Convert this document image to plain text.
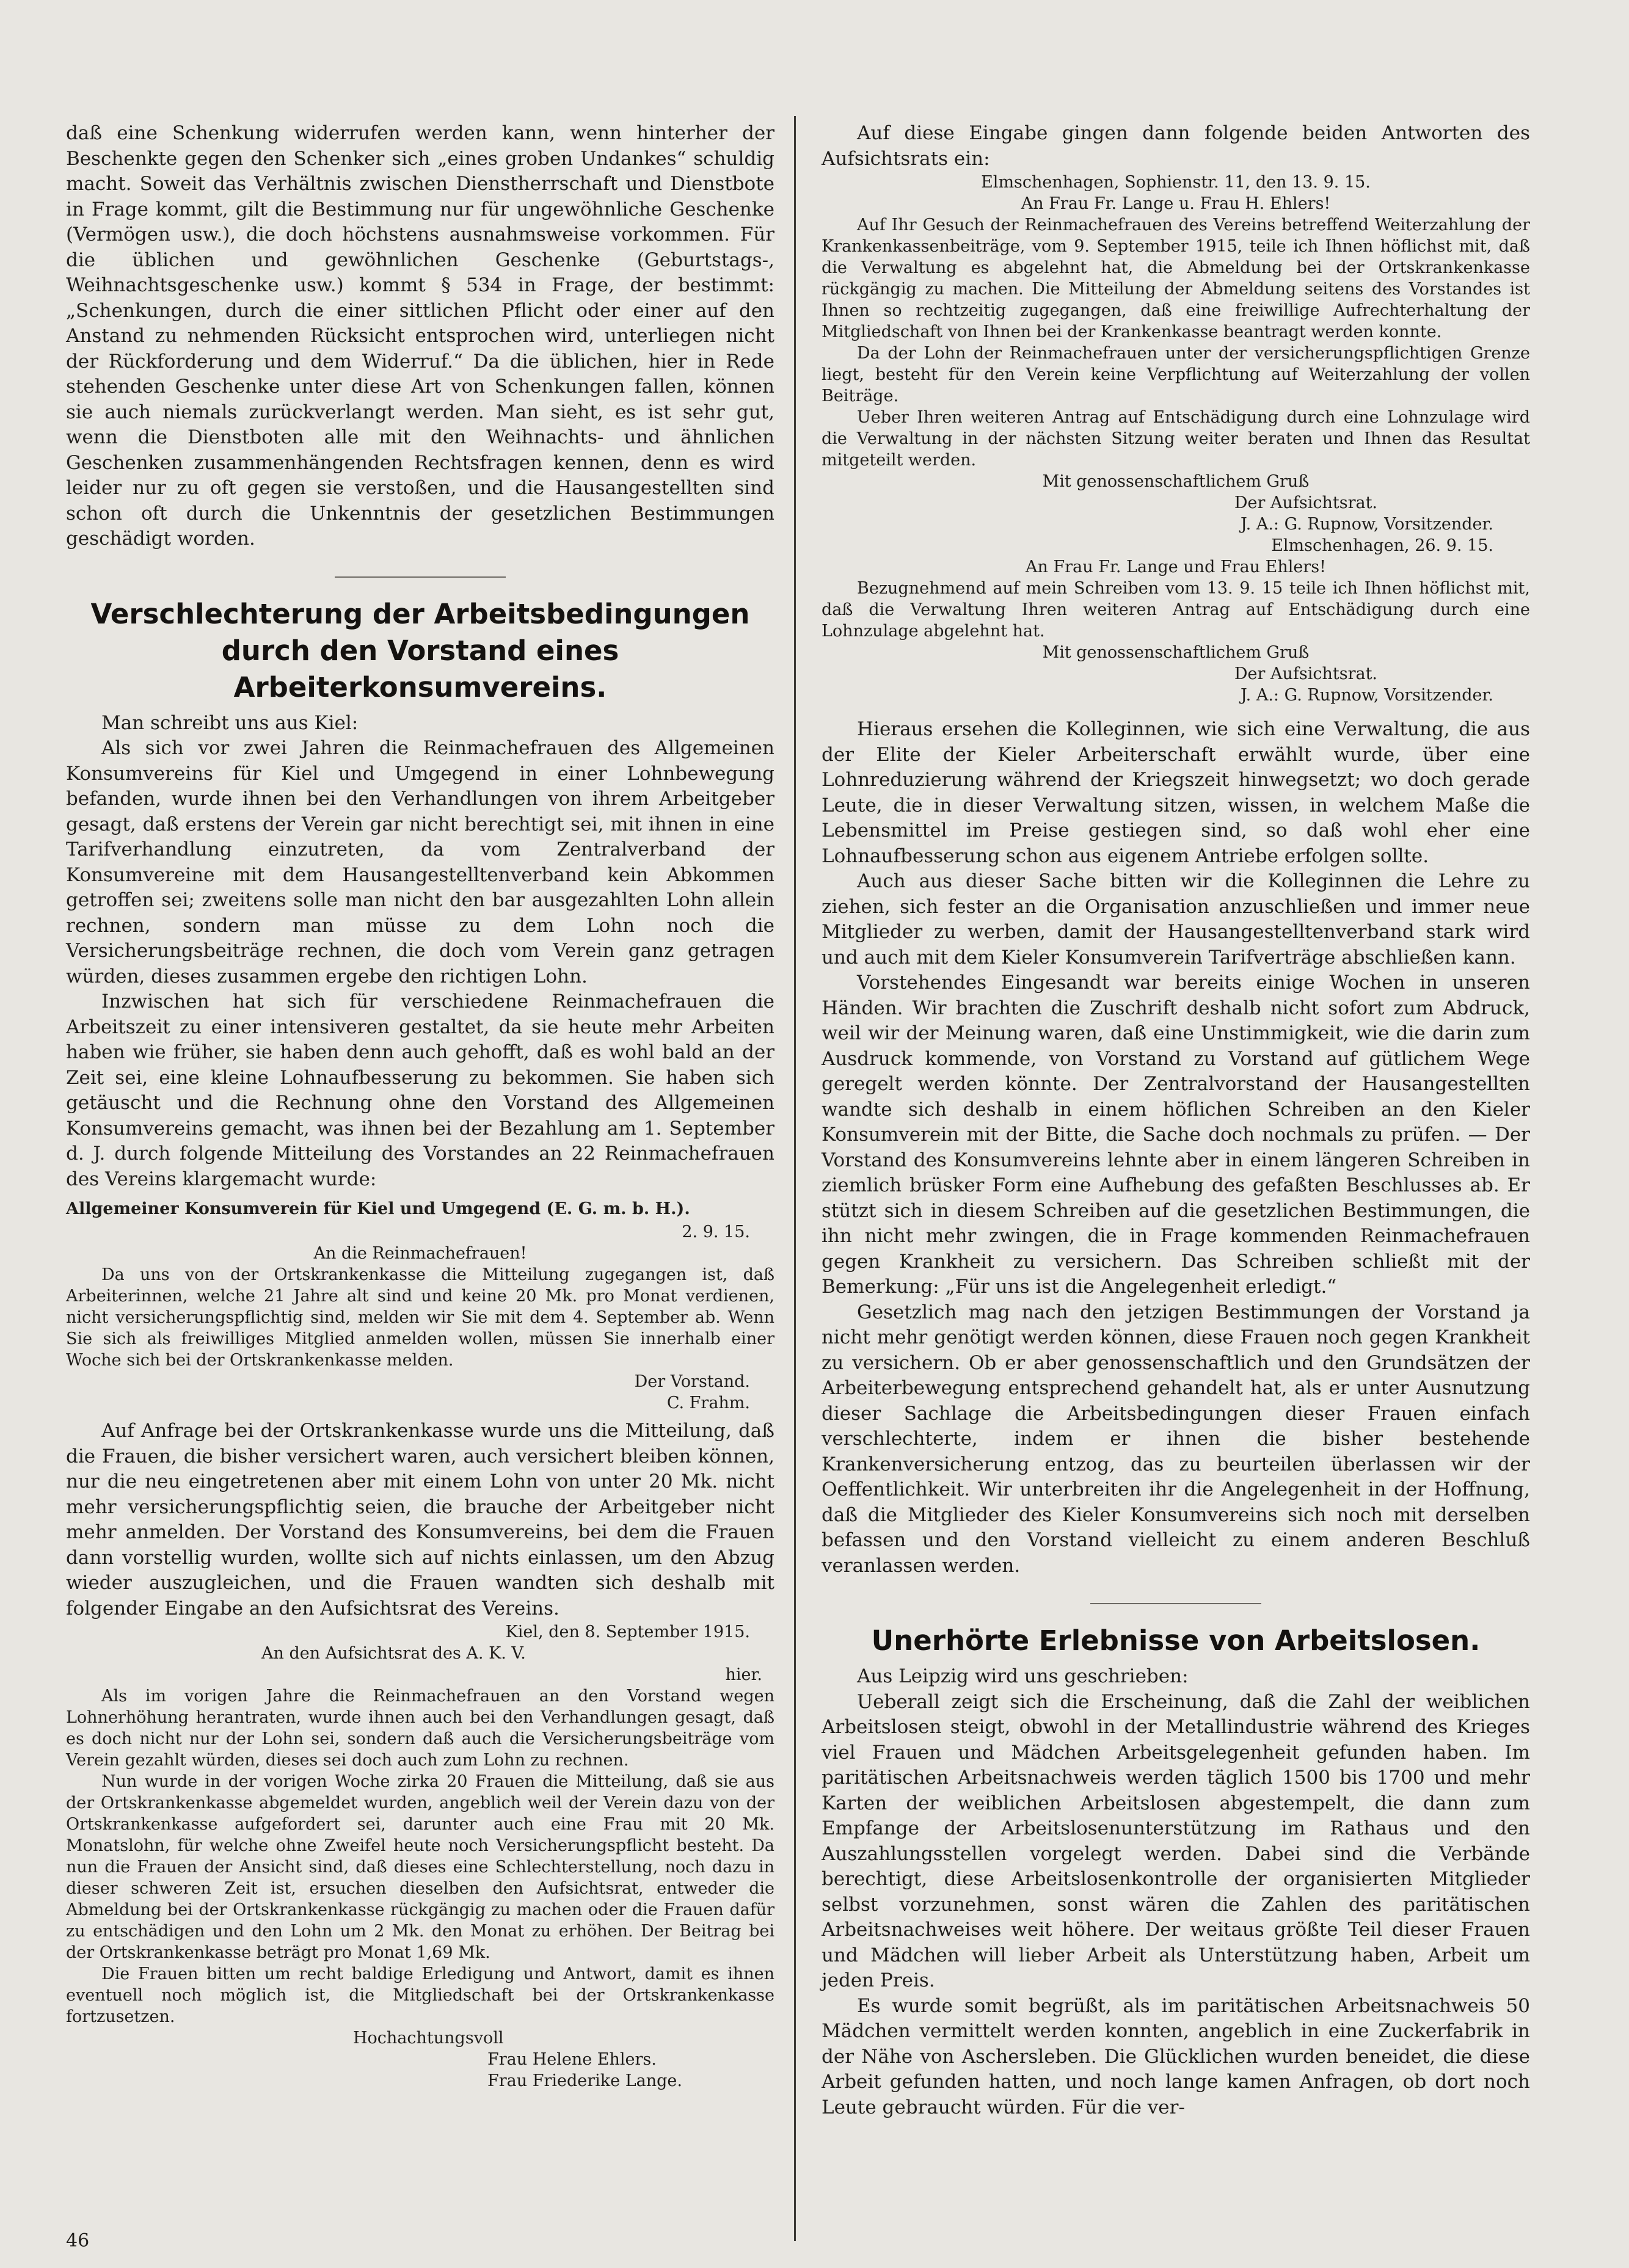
daß eine Schenkung widerrufen werden kann, wenn hinterher der Beschenkte gegen den Schenker sich „eines groben Undankes“ schuldig macht. Soweit das Verhältnis zwischen Dienstherrschaft und Dienstbote in Frage kommt, gilt die Bestimmung nur für ungewöhnliche Geschenke (Vermögen usw.), die doch höchstens ausnahmsweise vorkommen. Für die üblichen und gewöhnlichen Geschenke (Geburtstags-, Weihnachtsgeschenke usw.) kommt § 534 in Frage, der bestimmt: „Schenkungen, durch die einer sittlichen Pflicht oder einer auf den Anstand zu nehmenden Rücksicht entsprochen wird, unterliegen nicht der Rückforderung und dem Widerruf.“ Da die üblichen, hier in Rede stehenden Geschenke unter diese Art von Schenkungen fallen, können sie auch niemals zurückverlangt werden. Man sieht, es ist sehr gut, wenn die Dienstboten alle mit den Weihnachts- und ähnlichen Geschenken zusammenhängenden Rechtsfragen kennen, denn es wird leider nur zu oft gegen sie verstoßen, und die Hausangestellten sind schon oft durch die Unkenntnis der gesetzlichen Bestimmungen geschädigt worden.

Verschlechterung der Arbeitsbedingungen durch den Vorstand eines Arbeiterkonsumvereins.

Man schreibt uns aus Kiel:

Als sich vor zwei Jahren die Reinmachefrauen des Allgemeinen Konsumvereins für Kiel und Umgegend in einer Lohnbewegung befanden, wurde ihnen bei den Verhandlungen von ihrem Arbeitgeber gesagt, daß erstens der Verein gar nicht berechtigt sei, mit ihnen in eine Tarifverhandlung einzutreten, da vom Zentralverband der Konsumvereine mit dem Hausangestelltenverband kein Abkommen getroffen sei; zweitens solle man nicht den bar ausgezahlten Lohn allein rechnen, sondern man müsse zu dem Lohn noch die Versicherungsbeiträge rechnen, die doch vom Verein ganz getragen würden, dieses zusammen ergebe den richtigen Lohn.

Inzwischen hat sich für verschiedene Reinmachefrauen die Arbeitszeit zu einer intensiveren gestaltet, da sie heute mehr Arbeiten haben wie früher, sie haben denn auch gehofft, daß es wohl bald an der Zeit sei, eine kleine Lohnaufbesserung zu bekommen. Sie haben sich getäuscht und die Rechnung ohne den Vorstand des Allgemeinen Konsumvereins gemacht, was ihnen bei der Bezahlung am 1. September d. J. durch folgende Mitteilung des Vorstandes an 22 Reinmachefrauen des Vereins klargemacht wurde:

Allgemeiner Konsumverein für Kiel und Umgegend (E. G. m. b. H.).

2. 9. 15.

An die Reinmachefrauen!

Da uns von der Ortskrankenkasse die Mitteilung zugegangen ist, daß Arbeiterinnen, welche 21 Jahre alt sind und keine 20 Mk. pro Monat verdienen, nicht versicherungspflichtig sind, melden wir Sie mit dem 4. September ab. Wenn Sie sich als freiwilliges Mitglied anmelden wollen, müssen Sie innerhalb einer Woche sich bei der Ortskrankenkasse melden.

Der Vorstand.

C. Frahm.

Auf Anfrage bei der Ortskrankenkasse wurde uns die Mitteilung, daß die Frauen, die bisher versichert waren, auch versichert bleiben können, nur die neu eingetretenen aber mit einem Lohn von unter 20 Mk. nicht mehr versicherungspflichtig seien, die brauche der Arbeitgeber nicht mehr anmelden. Der Vorstand des Konsumvereins, bei dem die Frauen dann vorstellig wurden, wollte sich auf nichts einlassen, um den Abzug wieder auszugleichen, und die Frauen wandten sich deshalb mit folgender Eingabe an den Aufsichtsrat des Vereins.

Kiel, den 8. September 1915.

An den Aufsichtsrat des A. K. V.

hier.

Als im vorigen Jahre die Reinmachefrauen an den Vorstand wegen Lohnerhöhung herantraten, wurde ihnen auch bei den Verhandlungen gesagt, daß es doch nicht nur der Lohn sei, sondern daß auch die Versicherungsbeiträge vom Verein gezahlt würden, dieses sei doch auch zum Lohn zu rechnen.

Nun wurde in der vorigen Woche zirka 20 Frauen die Mitteilung, daß sie aus der Ortskrankenkasse abgemeldet wurden, angeblich weil der Verein dazu von der Ortskrankenkasse aufgefordert sei, darunter auch eine Frau mit 20 Mk. Monatslohn, für welche ohne Zweifel heute noch Versicherungspflicht besteht. Da nun die Frauen der Ansicht sind, daß dieses eine Schlechterstellung, noch dazu in dieser schweren Zeit ist, ersuchen dieselben den Aufsichtsrat, entweder die Abmeldung bei der Ortskrankenkasse rückgängig zu machen oder die Frauen dafür zu entschädigen und den Lohn um 2 Mk. den Monat zu erhöhen. Der Beitrag bei der Ortskrankenkasse beträgt pro Monat 1,69 Mk.

Die Frauen bitten um recht baldige Erledigung und Antwort, damit es ihnen eventuell noch möglich ist, die Mitgliedschaft bei der Ortskrankenkasse fortzusetzen.

Hochachtungsvoll

Frau Helene Ehlers.

Frau Friederike Lange.

Auf diese Eingabe gingen dann folgende beiden Antworten des Aufsichtsrats ein:

Elmschenhagen, Sophienstr. 11, den 13. 9. 15.

An Frau Fr. Lange u. Frau H. Ehlers!

Auf Ihr Gesuch der Reinmachefrauen des Vereins betreffend Weiterzahlung der Krankenkassenbeiträge, vom 9. September 1915, teile ich Ihnen höflichst mit, daß die Verwaltung es abgelehnt hat, die Abmeldung bei der Ortskrankenkasse rückgängig zu machen. Die Mitteilung der Abmeldung seitens des Vorstandes ist Ihnen so rechtzeitig zugegangen, daß eine freiwillige Aufrechterhaltung der Mitgliedschaft von Ihnen bei der Krankenkasse beantragt werden konnte.

Da der Lohn der Reinmachefrauen unter der versicherungspflichtigen Grenze liegt, besteht für den Verein keine Verpflichtung auf Weiterzahlung der vollen Beiträge.

Ueber Ihren weiteren Antrag auf Entschädigung durch eine Lohnzulage wird die Verwaltung in der nächsten Sitzung weiter beraten und Ihnen das Resultat mitgeteilt werden.

Mit genossenschaftlichem Gruß

Der Aufsichtsrat.

J. A.: G. Rupnow, Vorsitzender.

Elmschenhagen, 26. 9. 15.

An Frau Fr. Lange und Frau Ehlers!

Bezugnehmend auf mein Schreiben vom 13. 9. 15 teile ich Ihnen höflichst mit, daß die Verwaltung Ihren weiteren Antrag auf Entschädigung durch eine Lohnzulage abgelehnt hat.

Mit genossenschaftlichem Gruß

Der Aufsichtsrat.

J. A.: G. Rupnow, Vorsitzender.

Hieraus ersehen die Kolleginnen, wie sich eine Verwaltung, die aus der Elite der Kieler Arbeiterschaft erwählt wurde, über eine Lohnreduzierung während der Kriegszeit hinwegsetzt; wo doch gerade Leute, die in dieser Verwaltung sitzen, wissen, in welchem Maße die Lebensmittel im Preise gestiegen sind, so daß wohl eher eine Lohnaufbesserung schon aus eigenem Antriebe erfolgen sollte.

Auch aus dieser Sache bitten wir die Kolleginnen die Lehre zu ziehen, sich fester an die Organisation anzuschließen und immer neue Mitglieder zu werben, damit der Hausangestelltenverband stark wird und auch mit dem Kieler Konsumverein Tarifverträge abschließen kann.

Vorstehendes Eingesandt war bereits einige Wochen in unseren Händen. Wir brachten die Zuschrift deshalb nicht sofort zum Abdruck, weil wir der Meinung waren, daß eine Unstimmigkeit, wie die darin zum Ausdruck kommende, von Vorstand zu Vorstand auf gütlichem Wege geregelt werden könnte. Der Zentralvorstand der Hausangestellten wandte sich deshalb in einem höflichen Schreiben an den Kieler Konsumverein mit der Bitte, die Sache doch nochmals zu prüfen. — Der Vorstand des Konsumvereins lehnte aber in einem längeren Schreiben in ziemlich brüsker Form eine Aufhebung des gefaßten Beschlusses ab. Er stützt sich in diesem Schreiben auf die gesetzlichen Bestimmungen, die ihn nicht mehr zwingen, die in Frage kommenden Reinmachefrauen gegen Krankheit zu versichern. Das Schreiben schließt mit der Bemerkung: „Für uns ist die Angelegenheit erledigt.“

Gesetzlich mag nach den jetzigen Bestimmungen der Vorstand ja nicht mehr genötigt werden können, diese Frauen noch gegen Krankheit zu versichern. Ob er aber genossenschaftlich und den Grundsätzen der Arbeiterbewegung entsprechend gehandelt hat, als er unter Ausnutzung dieser Sachlage die Arbeitsbedingungen dieser Frauen einfach verschlechterte, indem er ihnen die bisher bestehende Krankenversicherung entzog, das zu beurteilen überlassen wir der Oeffentlichkeit. Wir unterbreiten ihr die Angelegenheit in der Hoffnung, daß die Mitglieder des Kieler Konsumvereins sich noch mit derselben befassen und den Vorstand vielleicht zu einem anderen Beschluß veranlassen werden.

Unerhörte Erlebnisse von Arbeitslosen.

Aus Leipzig wird uns geschrieben:

Ueberall zeigt sich die Erscheinung, daß die Zahl der weiblichen Arbeitslosen steigt, obwohl in der Metallindustrie während des Krieges viel Frauen und Mädchen Arbeitsgelegenheit gefunden haben. Im paritätischen Arbeitsnachweis werden täglich 1500 bis 1700 und mehr Karten der weiblichen Arbeitslosen abgestempelt, die dann zum Empfange der Arbeitslosenunterstützung im Rathaus und den Auszahlungsstellen vorgelegt werden. Dabei sind die Verbände berechtigt, diese Arbeitslosenkontrolle der organisierten Mitglieder selbst vorzunehmen, sonst wären die Zahlen des paritätischen Arbeitsnachweises weit höhere. Der weitaus größte Teil dieser Frauen und Mädchen will lieber Arbeit als Unterstützung haben, Arbeit um jeden Preis.

Es wurde somit begrüßt, als im paritätischen Arbeitsnachweis 50 Mädchen vermittelt werden konnten, angeblich in eine Zuckerfabrik in der Nähe von Aschersleben. Die Glücklichen wurden beneidet, die diese Arbeit gefunden hatten, und noch lange kamen Anfragen, ob dort noch Leute gebraucht würden. Für die ver-

46
